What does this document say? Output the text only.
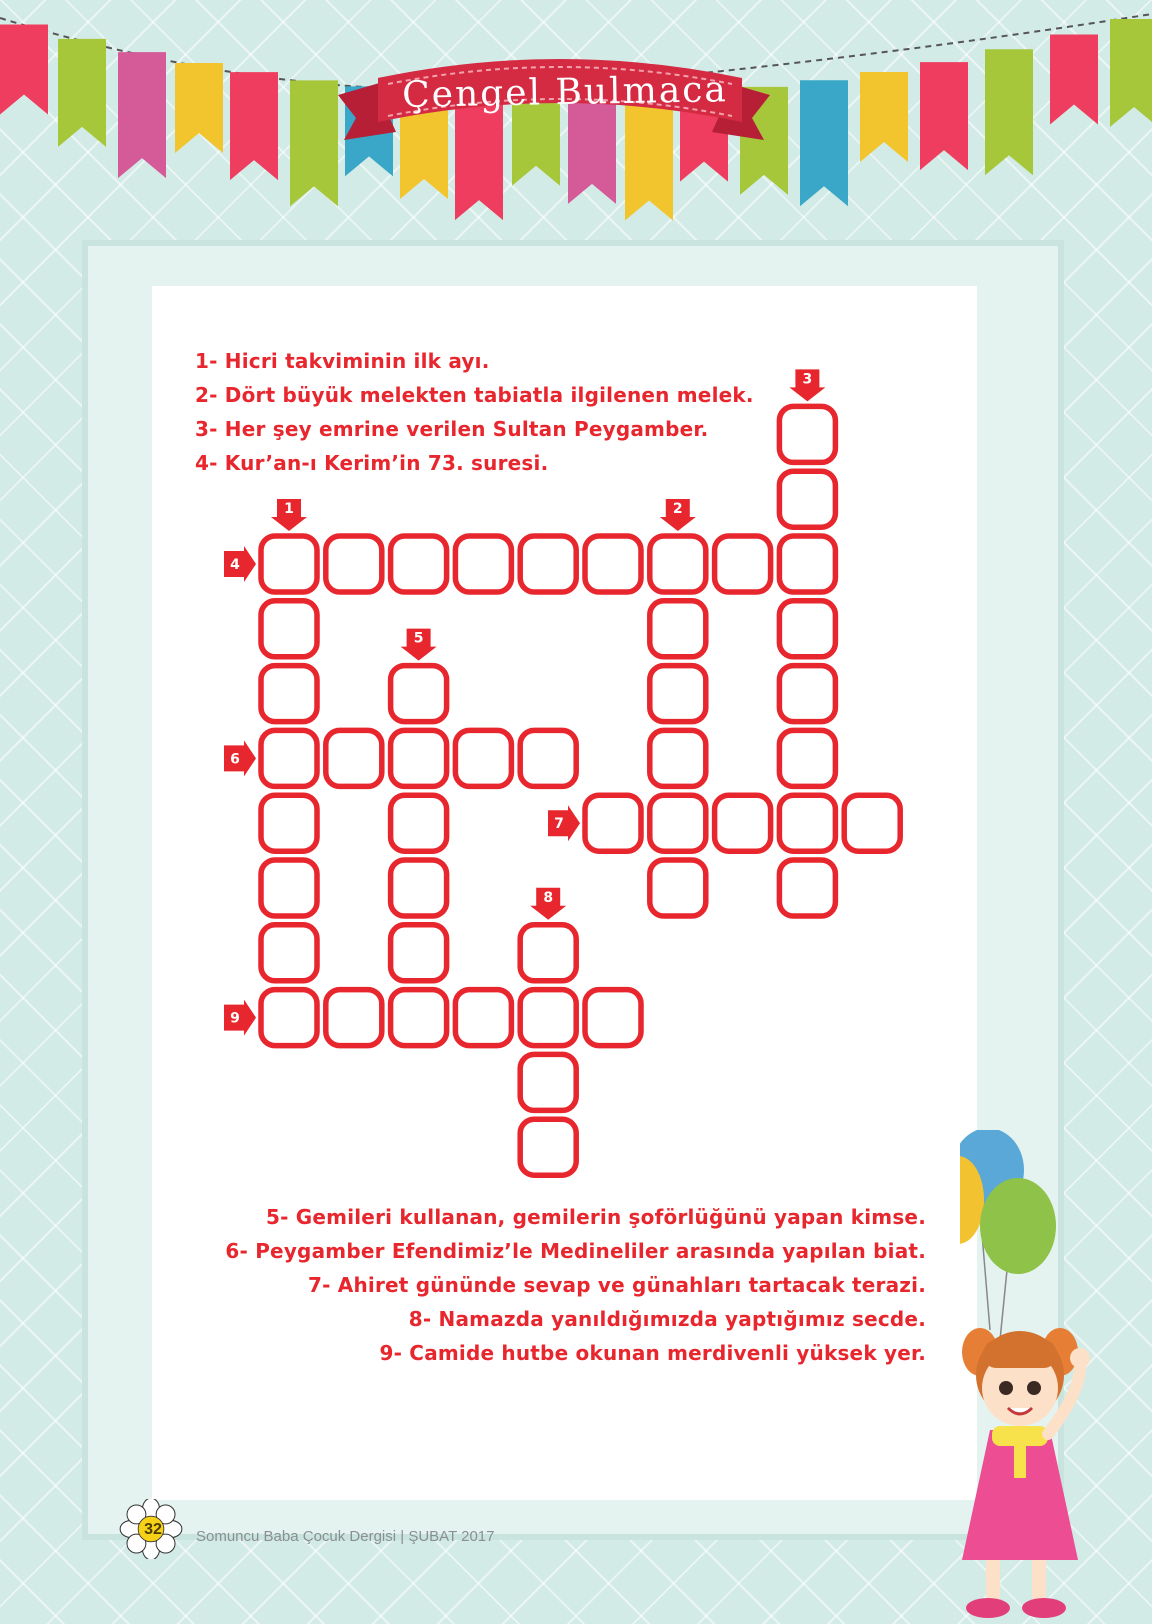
Çengel Bulmaca
1- Hicri takviminin ilk ayı.
2- Dört büyük melekten tabiatla ilgilenen melek.
3- Her şey emrine verilen Sultan Peygamber.
4- Kur’an-ı Kerim’in 73. suresi.
1	2
3
4
5
6
7
8
9
5- Gemileri kullanan, gemilerin şoförlüğünü yapan kimse.
6- Peygamber Efendimiz’le Medineliler arasında yapılan biat.
7- Ahiret gününde sevap ve günahları tartacak terazi.
8- Namazda yanıldığımızda yaptığımız secde.
9- Camide hutbe okunan merdivenli yüksek yer.
32 Somuncu Baba Çocuk Dergisi | ŞUBAT 2017
